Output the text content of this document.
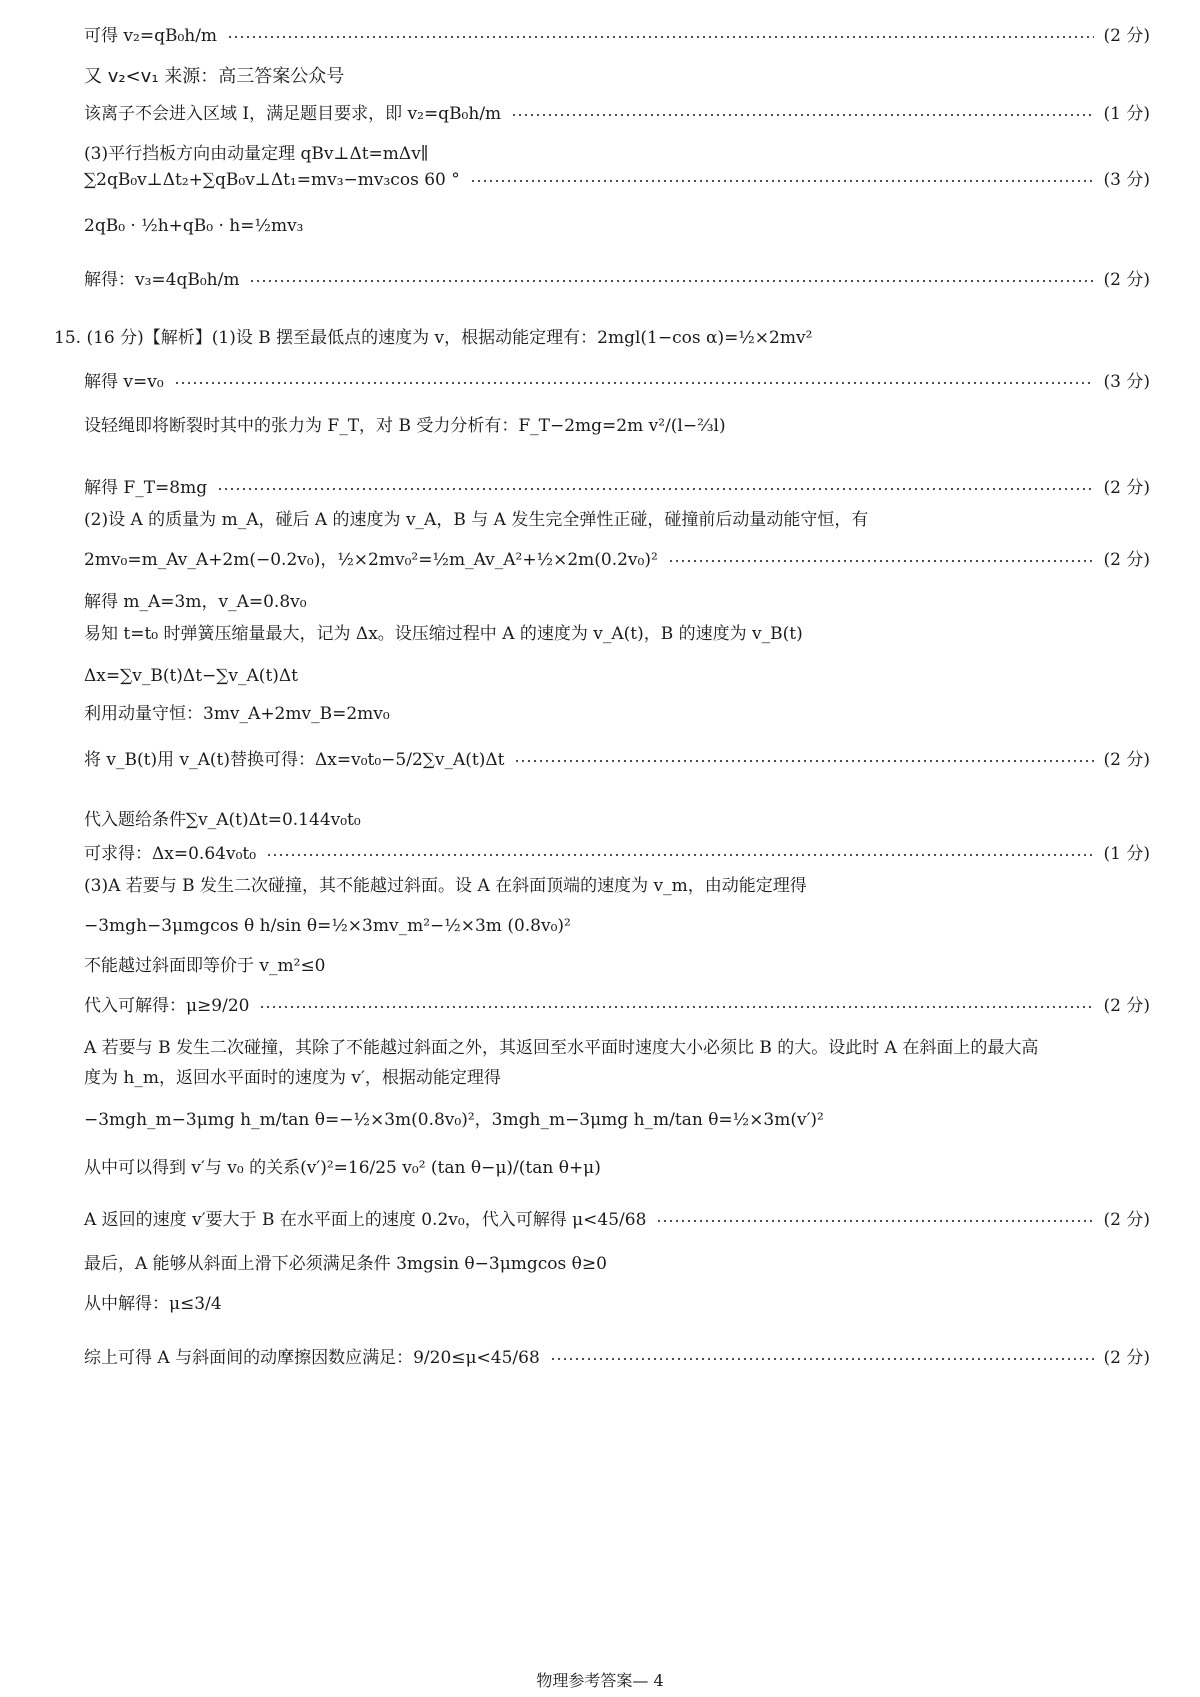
可得 v₂=qB₀h/m	(2 分)
又 v₂<v₁ 来源：高三答案公众号
该离子不会进入区域 I，满足题目要求，即 v₂=qB₀h/m	(1 分)
(3)平行挡板方向由动量定理 qBv⊥Δt=mΔv∥
∑2qB₀v⊥Δt₂+∑qB₀v⊥Δt₁=mv₃−mv₃cos 60 °	(3 分)
2qB₀ · ½h+qB₀ · h=½mv₃
解得：v₃=4qB₀h/m	(2 分)
15. (16 分)【解析】(1)设 B 摆至最低点的速度为 v，根据动能定理有：2mgl(1−cos α)=½×2mv²
解得 v=v₀	(3 分)
设轻绳即将断裂时其中的张力为 F_T，对 B 受力分析有：F_T−2mg=2m v²/(l−⅔l)
解得 F_T=8mg	(2 分)
(2)设 A 的质量为 m_A，碰后 A 的速度为 v_A，B 与 A 发生完全弹性正碰，碰撞前后动量动能守恒，有
2mv₀=m_Av_A+2m(−0.2v₀)，½×2mv₀²=½m_Av_A²+½×2m(0.2v₀)²	(2 分)
解得 m_A=3m，v_A=0.8v₀
易知 t=t₀ 时弹簧压缩量最大，记为 Δx。设压缩过程中 A 的速度为 v_A(t)，B 的速度为 v_B(t)
Δx=∑v_B(t)Δt−∑v_A(t)Δt
利用动量守恒：3mv_A+2mv_B=2mv₀
将 v_B(t)用 v_A(t)替换可得：Δx=v₀t₀−5/2∑v_A(t)Δt	(2 分)
代入题给条件∑v_A(t)Δt=0.144v₀t₀
可求得：Δx=0.64v₀t₀	(1 分)
(3)A 若要与 B 发生二次碰撞，其不能越过斜面。设 A 在斜面顶端的速度为 v_m，由动能定理得
−3mgh−3μmgcos θ h/sin θ=½×3mv_m²−½×3m (0.8v₀)²
不能越过斜面即等价于 v_m²≤0
代入可解得：μ≥9/20	(2 分)
A 若要与 B 发生二次碰撞，其除了不能越过斜面之外，其返回至水平面时速度大小必须比 B 的大。设此时 A 在斜面上的最大高
度为 h_m，返回水平面时的速度为 v′，根据动能定理得
−3mgh_m−3μmg h_m/tan θ=−½×3m(0.8v₀)²，3mgh_m−3μmg h_m/tan θ=½×3m(v′)²
从中可以得到 v′与 v₀ 的关系(v′)²=16/25 v₀² (tan θ−μ)/(tan θ+μ)
A 返回的速度 v′要大于 B 在水平面上的速度 0.2v₀，代入可解得 μ<45/68	(2 分)
最后，A 能够从斜面上滑下必须满足条件 3mgsin θ−3μmgcos θ≥0
从中解得：μ≤3/4
综上可得 A 与斜面间的动摩擦因数应满足：9/20≤μ<45/68	(2 分)
物理参考答案— 4
